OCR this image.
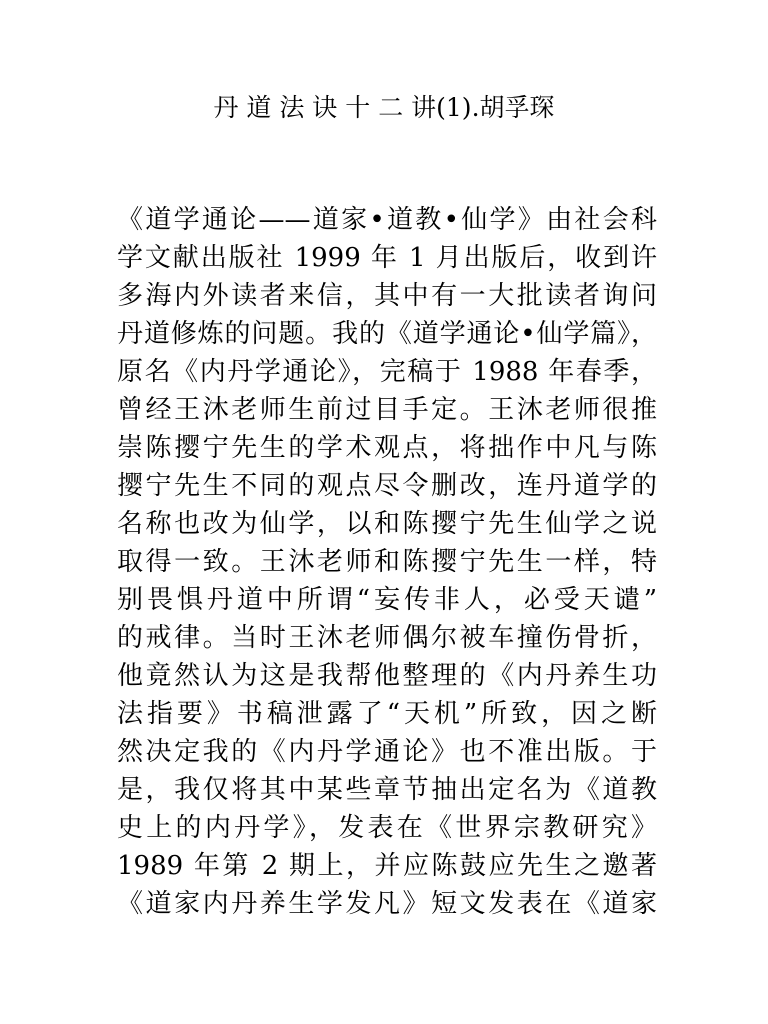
丹 道 法 诀 十 二 讲(1).胡孚琛
《道学通论——道家•道教•仙学》由社会科
学文献出版社 1999 年 1 月出版后，收到许
多海内外读者来信，其中有一大批读者询问
丹道修炼的问题。我的《道学通论•仙学篇》，
原名《内丹学通论》，完稿于 1988 年春季，
曾经王沐老师生前过目手定。王沐老师很推
崇陈撄宁先生的学术观点，将拙作中凡与陈
撄宁先生不同的观点尽令删改，连丹道学的
名称也改为仙学，以和陈撄宁先生仙学之说
取得一致。王沐老师和陈撄宁先生一样，特
别畏惧丹道中所谓“妄传非人，必受天谴”
的戒律。当时王沐老师偶尔被车撞伤骨折，
他竟然认为这是我帮他整理的《内丹养生功
法指要》书稿泄露了“天机”所致，因之断
然决定我的《内丹学通论》也不准出版。于
是，我仅将其中某些章节抽出定名为《道教
史上的内丹学》，发表在《世界宗教研究》
1989 年第 2 期上，并应陈鼓应先生之邀著
《道家内丹养生学发凡》短文发表在《道家
